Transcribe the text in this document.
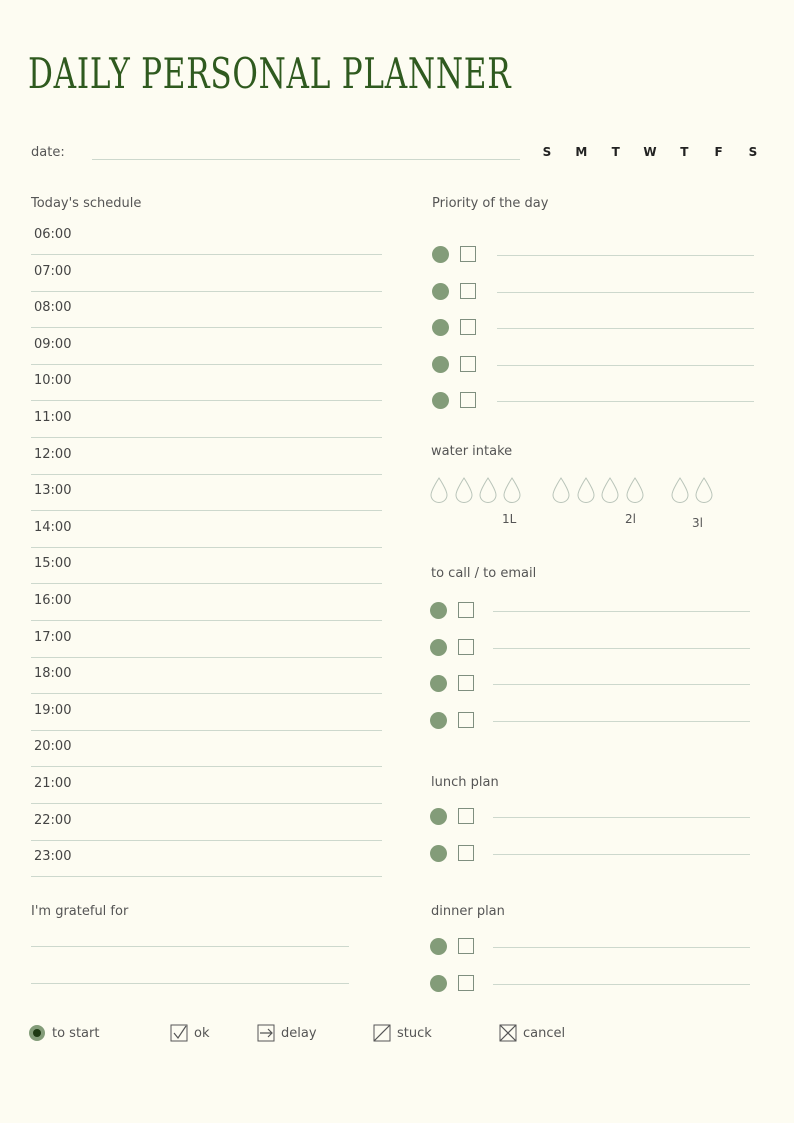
DAILY PERSONAL PLANNER
date:	S M T W T F S
Today's schedule
06:00
07:00
08:00
09:00
10:00
11:00
12:00
13:00
14:00
15:00
16:00
17:00
18:00
19:00
20:00
21:00
22:00
23:00
Priority of the day
water intake
1L	2l	3l
to call / to email
lunch plan
dinner plan
I'm grateful for
to start	ok	delay	stuck	cancel
